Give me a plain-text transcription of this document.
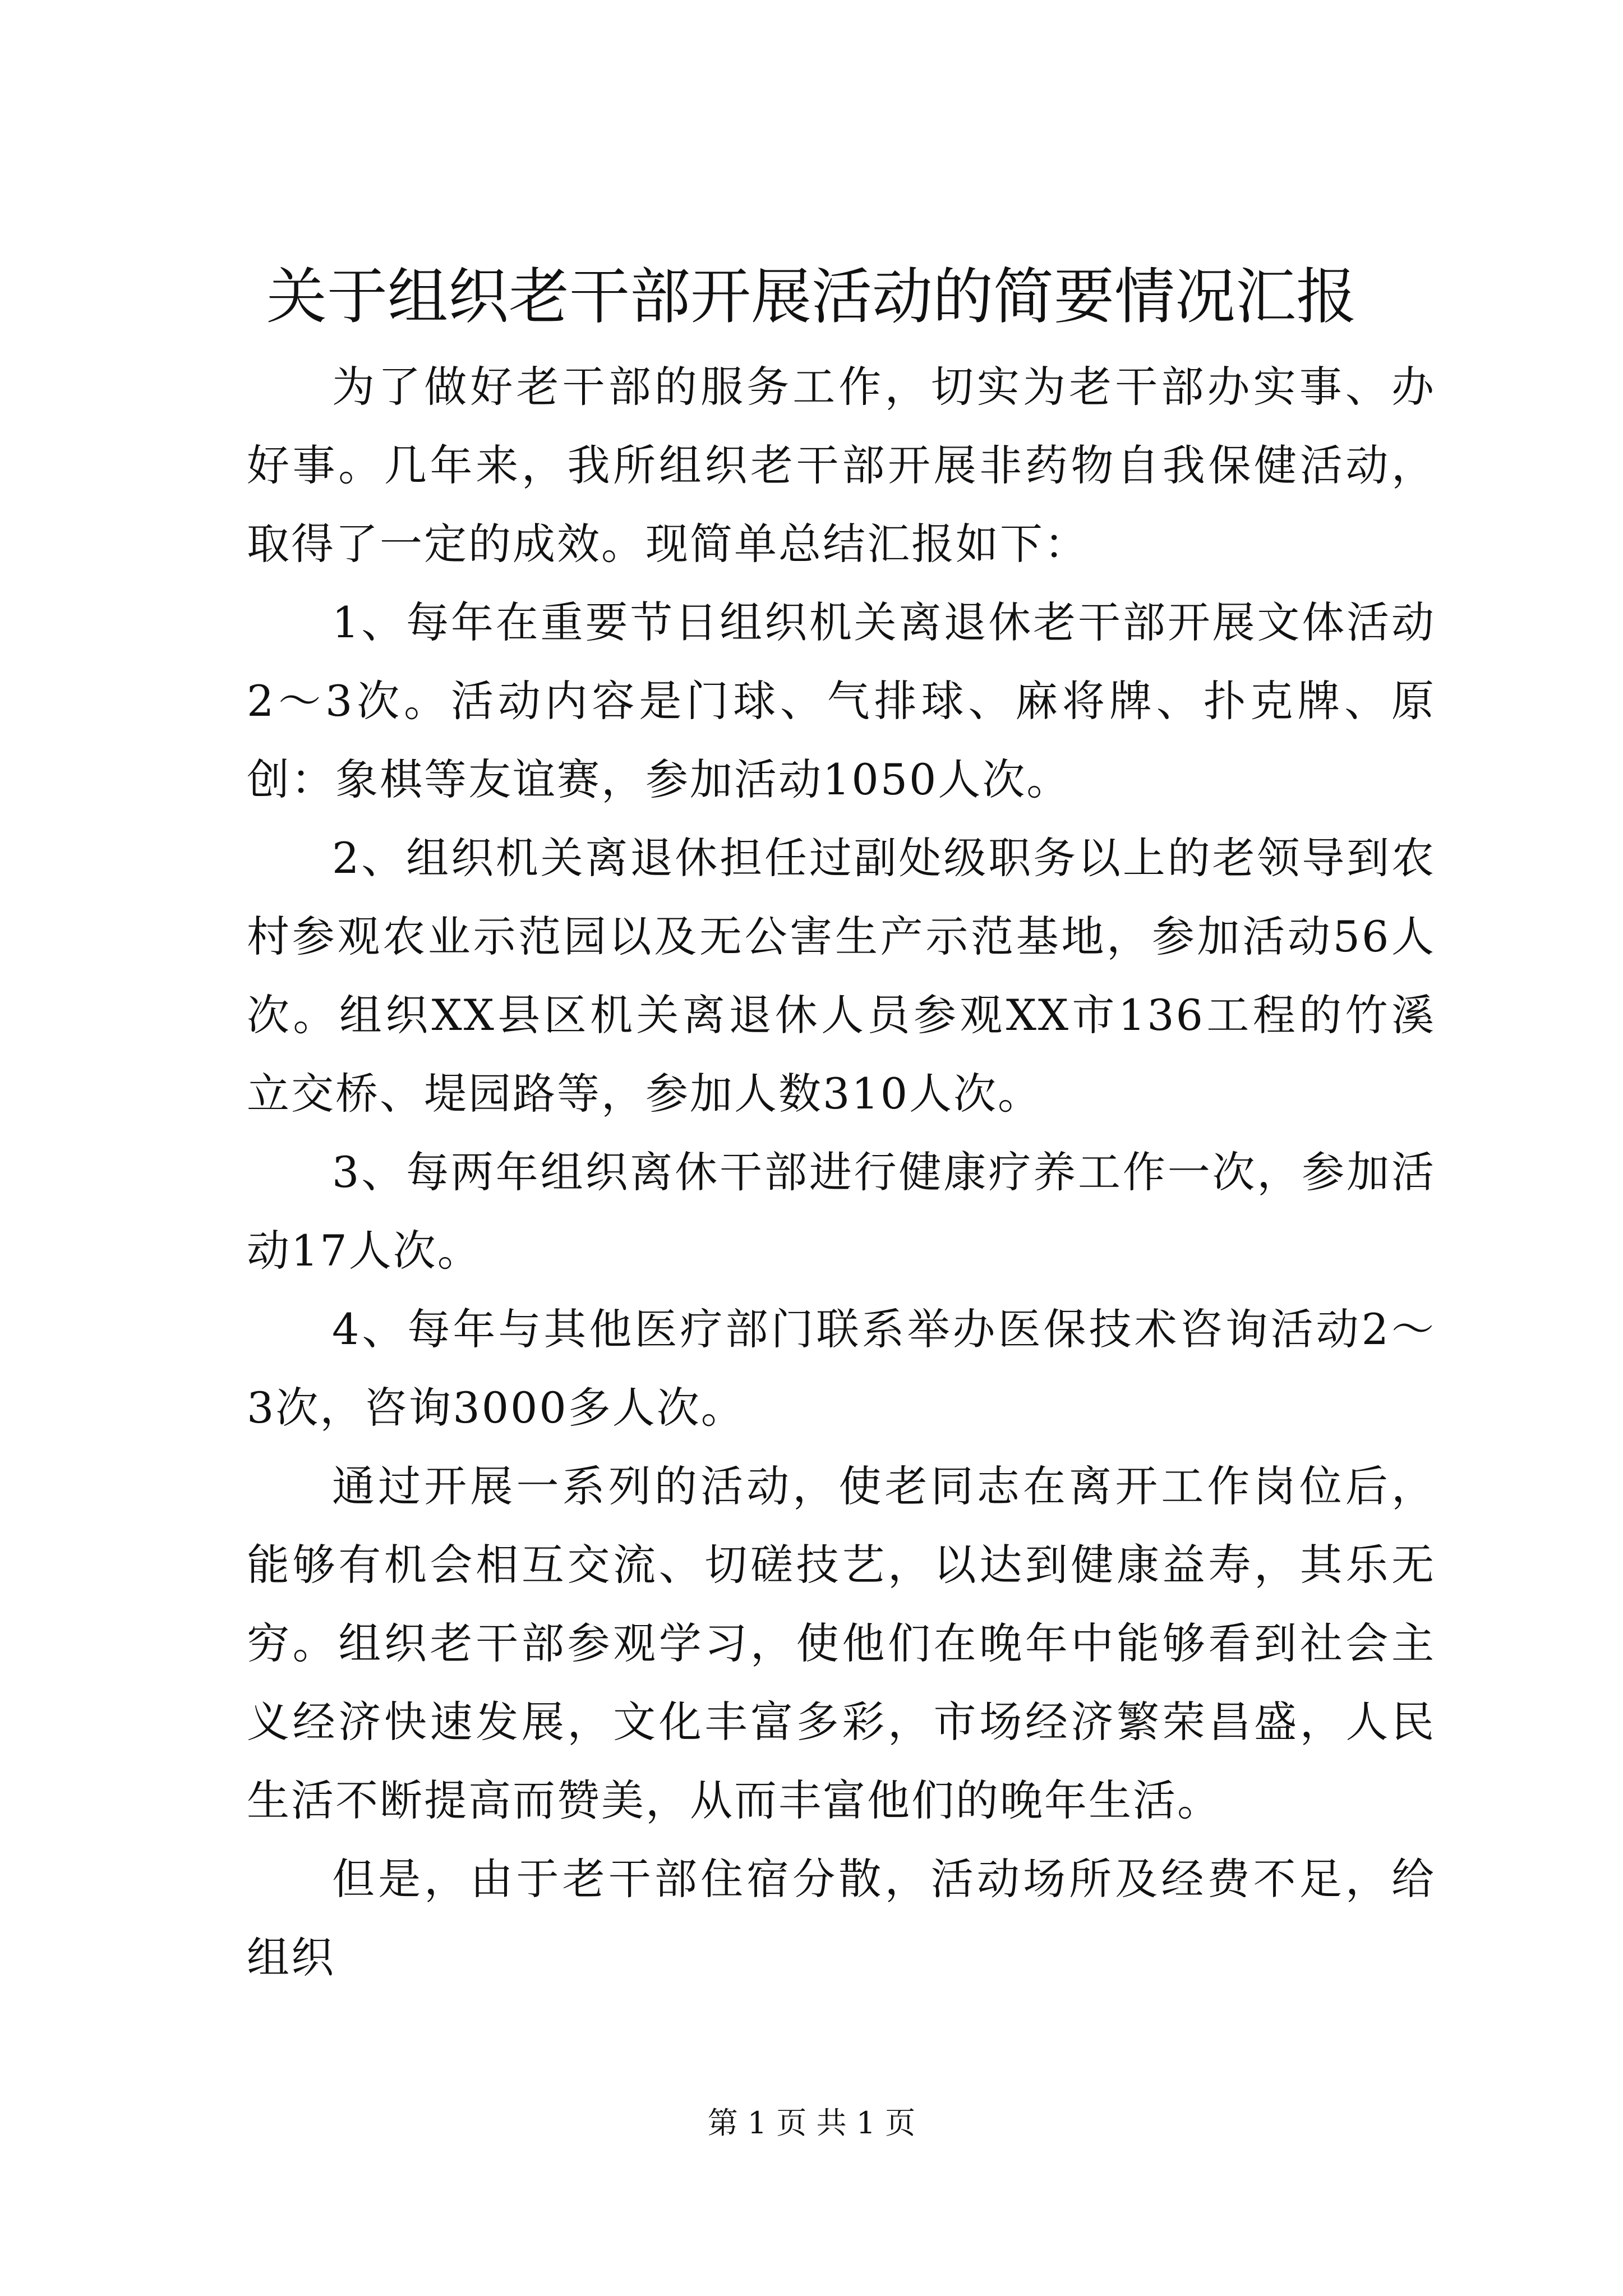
关于组织老干部开展活动的简要情况汇报

为了做好老干部的服务工作，切实为老干部办实事、办好事。几年来，我所组织老干部开展非药物自我保健活动，取得了一定的成效。现简单总结汇报如下：

1、每年在重要节日组织机关离退休老干部开展文体活动2～3次。活动内容是门球、气排球、麻将牌、扑克牌、原创：象棋等友谊赛，参加活动1050人次。

2、组织机关离退休担任过副处级职务以上的老领导到农村参观农业示范园以及无公害生产示范基地，参加活动56人次。组织XX县区机关离退休人员参观XX市136工程的竹溪立交桥、堤园路等，参加人数310人次。

3、每两年组织离休干部进行健康疗养工作一次，参加活动17人次。

4、每年与其他医疗部门联系举办医保技术咨询活动2～3次，咨询3000多人次。

通过开展一系列的活动，使老同志在离开工作岗位后，能够有机会相互交流、切磋技艺，以达到健康益寿，其乐无穷。组织老干部参观学习，使他们在晚年中能够看到社会主义经济快速发展，文化丰富多彩，市场经济繁荣昌盛，人民生活不断提高而赞美，从而丰富他们的晚年生活。

但是，由于老干部住宿分散，活动场所及经费不足，给组织

第 1 页 共 1 页
